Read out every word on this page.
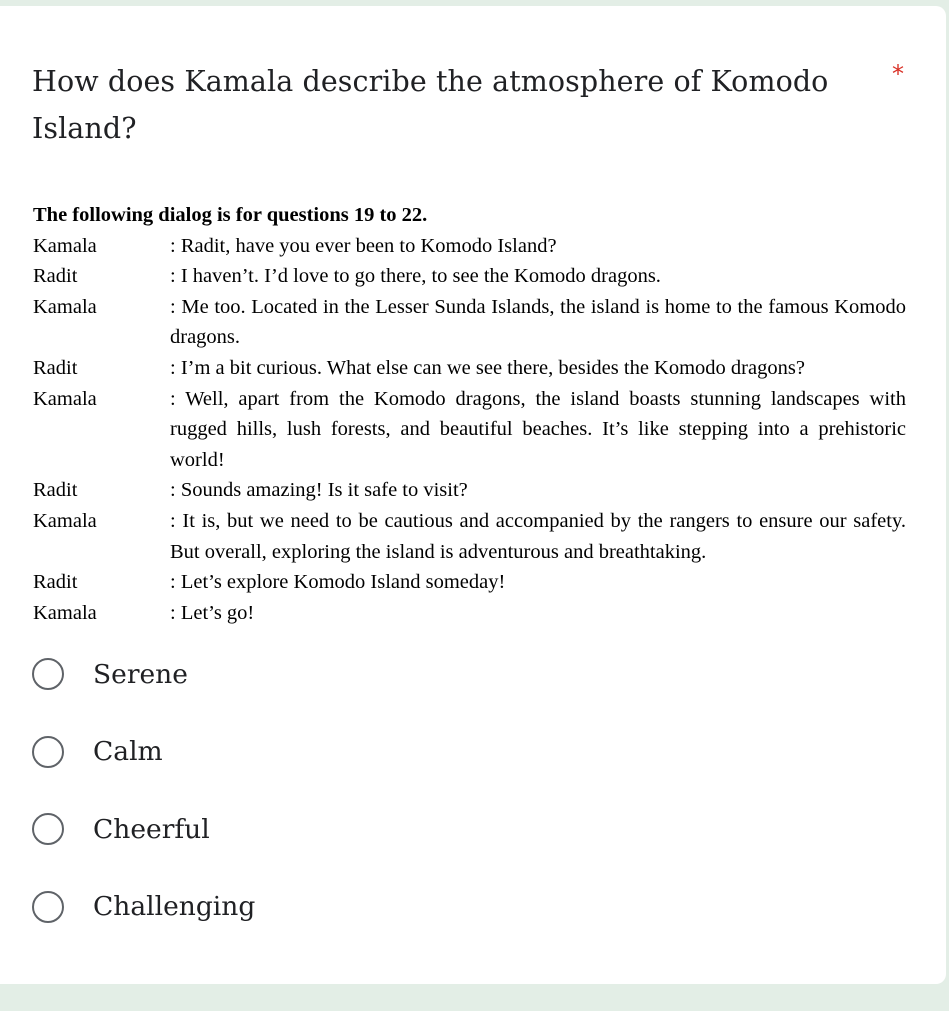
How does Kamala describe the atmosphere of Komodo Island?
*
The following dialog is for questions 19 to 22.
Kamala	: Radit, have you ever been to Komodo Island?
Radit	: I haven’t. I’d love to go there, to see the Komodo dragons.
Kamala	: Me too. Located in the Lesser Sunda Islands, the island is home to the famous Komodo dragons.
Radit	: I’m a bit curious. What else can we see there, besides the Komodo dragons?
Kamala	: Well, apart from the Komodo dragons, the island boasts stunning landscapes with rugged hills, lush forests, and beautiful beaches. It’s like stepping into a prehistoric world!
Radit	: Sounds amazing! Is it safe to visit?
Kamala	: It is, but we need to be cautious and accompanied by the rangers to ensure our safety. But overall, exploring the island is adventurous and breathtaking.
Radit	: Let’s explore Komodo Island someday!
Kamala	: Let’s go!
Serene
Calm
Cheerful
Challenging
